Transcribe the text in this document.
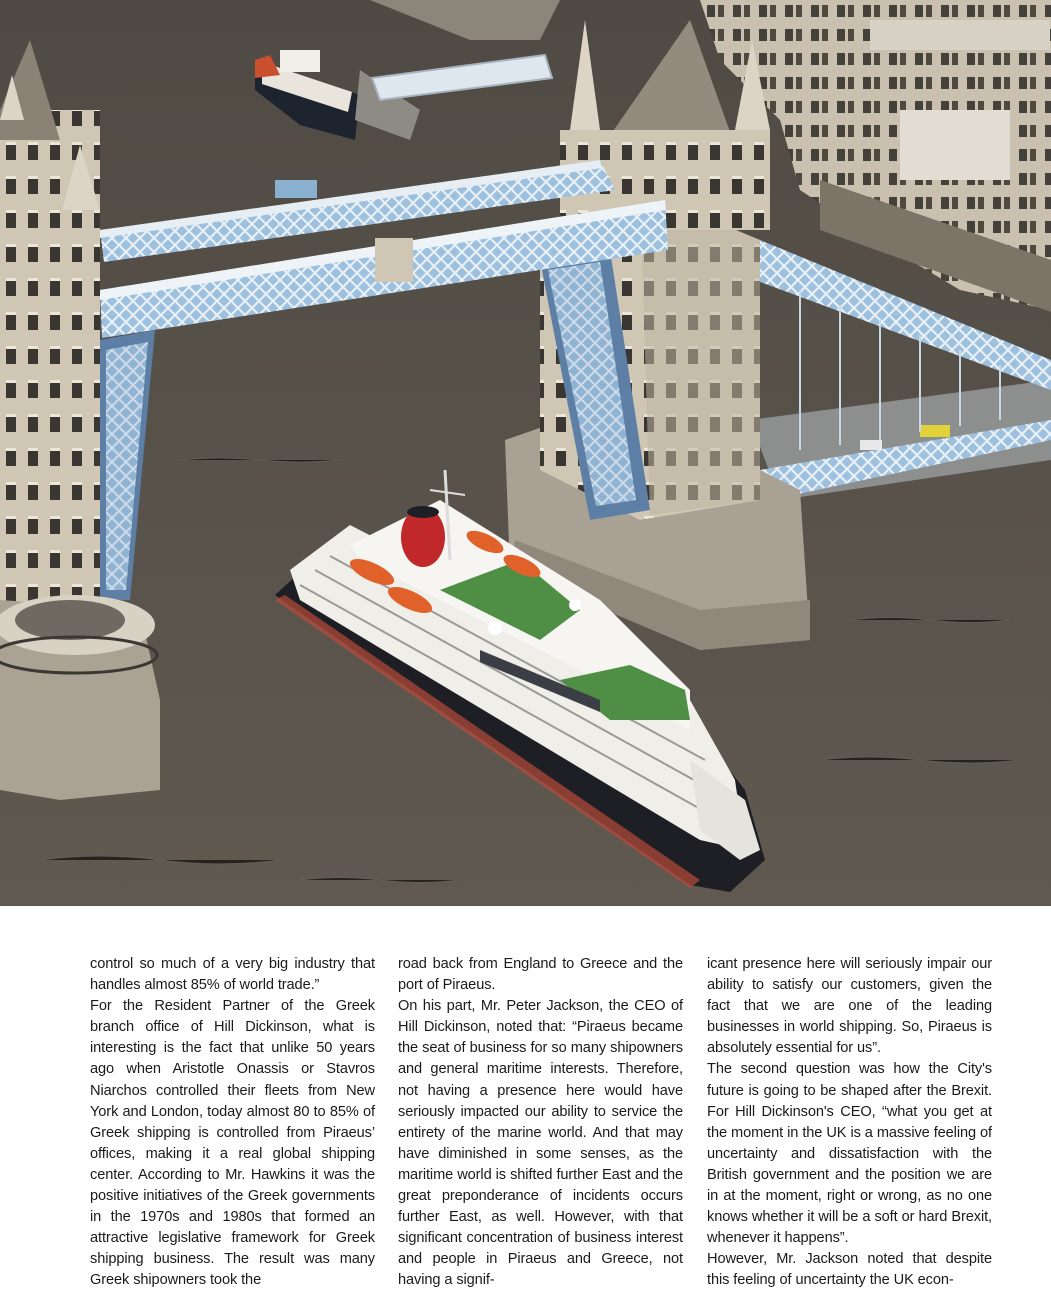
control so much of a very big industry that handles almost 85% of world trade.”

For the Resident Partner of the Greek branch office of Hill Dickinson, what is interesting is the fact that unlike 50 years ago when Aristotle Onassis or Stavros Niarchos controlled their fleets from New York and London, today almost 80 to 85% of Greek shipping is controlled from Piraeus’ offices, making it a real global shipping center. According to Mr. Hawkins it was the positive initiatives of the Greek governments in the 1970s and 1980s that formed an attractive legislative framework for Greek shipping business. The result was many Greek shipowners took the

road back from England to Greece and the port of Piraeus.

On his part, Mr. Peter Jackson, the CEO of Hill Dickinson, noted that: “Piraeus became the seat of business for so many shipowners and general maritime interests. Therefore, not having a presence here would have seriously impacted our ability to service the entirety of the marine world. And that may have diminished in some senses, as the maritime world is shifted further East and the great preponderance of incidents occurs further East, as well. However, with that significant concentration of business interest and people in Piraeus and Greece, not having a signif-

icant presence here will seriously impair our ability to satisfy our customers, given the fact that we are one of the leading businesses in world shipping. So, Piraeus is absolutely essential for us”.

The second question was how the City's future is going to be shaped after the Brexit. For Hill Dickinson's CEO, “what you get at the moment in the UK is a massive feeling of uncertainty and dissatisfaction with the British government and the position we are in at the moment, right or wrong, as no one knows whether it will be a soft or hard Brexit, whenever it happens”.

However, Mr. Jackson noted that despite this feeling of uncertainty the UK econ-
